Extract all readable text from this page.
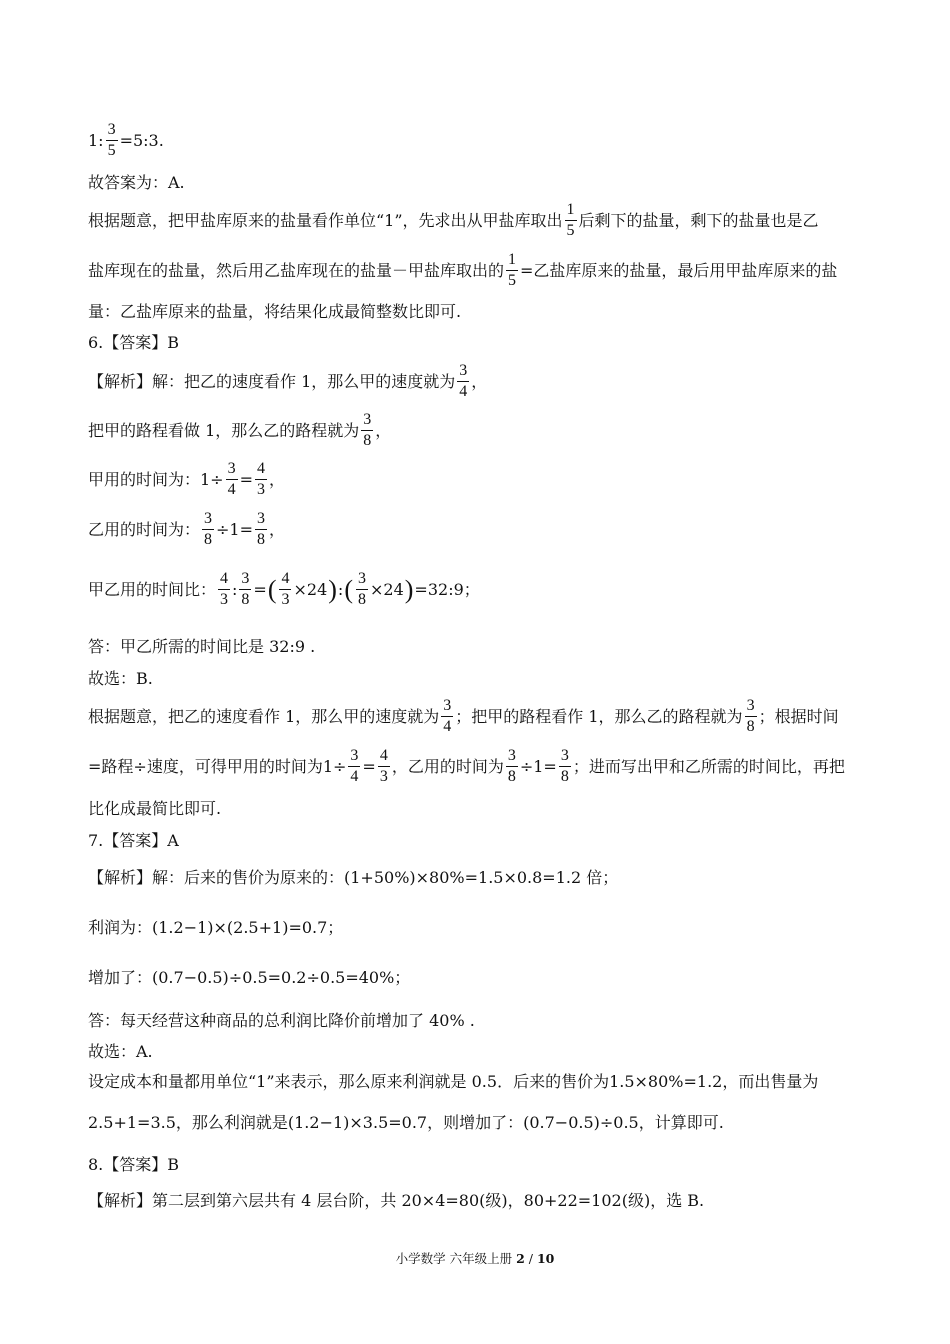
1: $\frac{3}{5}$ =5:3.
故答案为：A.
根据题意，把甲盐库原来的盐量看作单位“1”，先求出从甲盐库取出 $\frac{1}{5}$ 后剩下的盐量，剩下的盐量也是乙
盐库现在的盐量，然后用乙盐库现在的盐量－甲盐库取出的 $\frac{1}{5}$ =乙盐库原来的盐量，最后用甲盐库原来的盐
量：乙盐库原来的盐量，将结果化成最简整数比即可.
6.【答案】B
【解析】解：把乙的速度看作 1，那么甲的速度就为 $\frac{3}{4}$ ，
把甲的路程看做 1，那么乙的路程就为 $\frac{3}{8}$ ，
甲用的时间为：$1\div \frac{3}{4} = \frac{4}{3}$ ，
乙用的时间为： $\frac{3}{8} \div 1= \frac{3}{8}$ ，
甲乙用的时间比： $\frac{4}{3}$ : $\frac{3}{8}$ = ( $\frac{4}{3} \times 24$ ) : ( $\frac{3}{8} \times 24$ ) =32:9；
答：甲乙所需的时间比是 32:9 .
故选：B.
根据题意，把乙的速度看作 1，那么甲的速度就为 $\frac{3}{4}$ ；把甲的路程看作 1，那么乙的路程就为 $\frac{3}{8}$ ；根据时间
=路程÷速度，可得甲用的时间为$1\div \frac{3}{4} = \frac{4}{3}$ ，乙用的时间为 $\frac{3}{8} \div 1= \frac{3}{8}$ ；进而写出甲和乙所需的时间比，再把
比化成最简比即可.
7.【答案】A
【解析】解：后来的售价为原来的：(1+50%)×80%=1.5×0.8=1.2 倍；
利润为：(1.2−1)×(2.5+1)=0.7；
增加了：(0.7−0.5)÷0.5=0.2÷0.5=40%；
答：每天经营这种商品的总利润比降价前增加了 40% .
故选：A.
设定成本和量都用单位“1”来表示，那么原来利润就是 0.5．后来的售价为1.5×80%=1.2，而出售量为
2.5+1=3.5，那么利润就是(1.2−1)×3.5=0.7，则增加了：(0.7−0.5)÷0.5，计算即可.
8.【答案】B
【解析】第二层到第六层共有 4 层台阶，共 20×4=80(级)，80+22=102(级)，选 B.
小学数学 六年级上册 2 / 10
